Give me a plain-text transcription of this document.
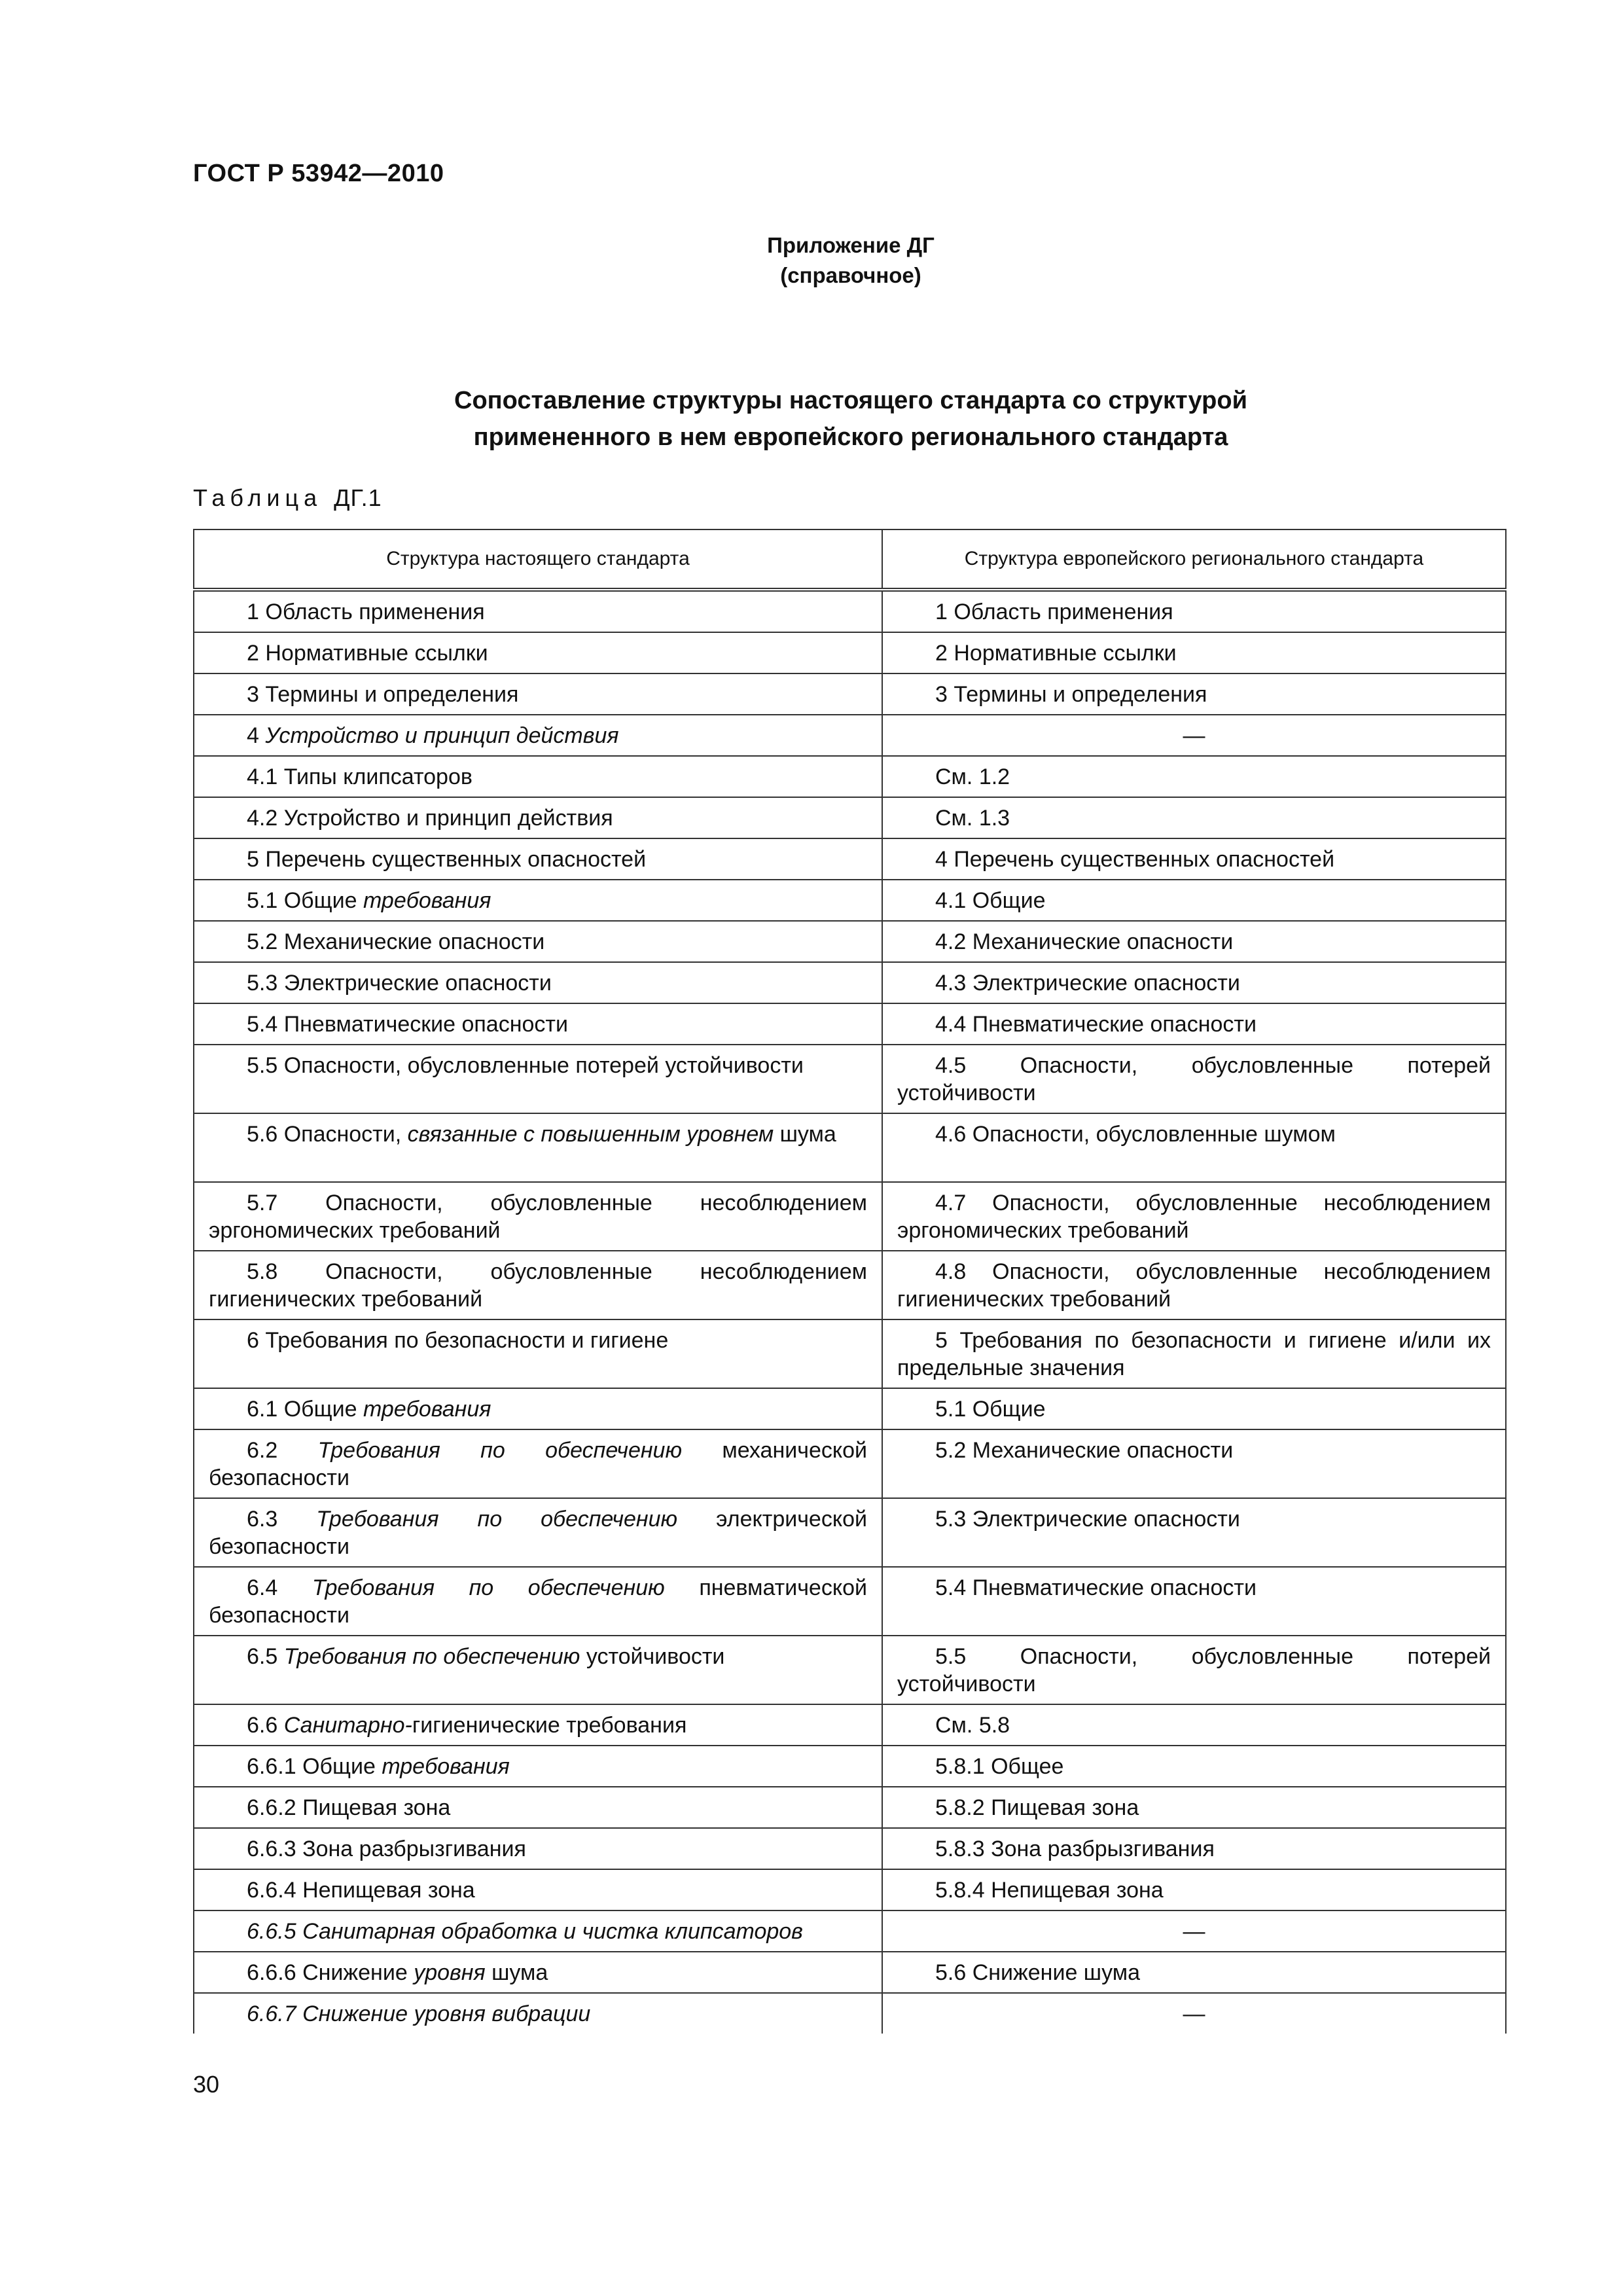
ГОСТ Р 53942—2010
Приложение ДГ
(справочное)
Сопоставление структуры настоящего стандарта со структурой
примененного в нем европейского регионального стандарта
Таблица ДГ.1
Структура настоящего стандарта	Структура европейского регионального стандарта
1 Область применения	1 Область применения
2 Нормативные ссылки	2 Нормативные ссылки
3 Термины и определения	3 Термины и определения
4 Устройство и принцип действия	—
4.1 Типы клипсаторов	См. 1.2
4.2 Устройство и принцип действия	См. 1.3
5 Перечень существенных опасностей	4 Перечень существенных опасностей
5.1 Общие требования	4.1 Общие
5.2 Механические опасности	4.2 Механические опасности
5.3 Электрические опасности	4.3 Электрические опасности
5.4 Пневматические опасности	4.4 Пневматические опасности
5.5 Опасности, обусловленные потерей устойчивости	4.5 Опасности, обусловленные потерей устойчивости
5.6 Опасности, связанные с повышенным уровнем шума	4.6 Опасности, обусловленные шумом
5.7 Опасности, обусловленные несоблюдением эргономических требований	4.7 Опасности, обусловленные несоблюдением эргономических требований
5.8 Опасности, обусловленные несоблюдением гигиенических требований	4.8 Опасности, обусловленные несоблюдением гигиенических требований
6 Требования по безопасности и гигиене	5 Требования по безопасности и гигиене и/или их предельные значения
6.1 Общие требования	5.1 Общие
6.2 Требования по обеспечению механической безопасности	5.2 Механические опасности
6.3 Требования по обеспечению электрической безопасности	5.3 Электрические опасности
6.4 Требования по обеспечению пневматической безопасности	5.4 Пневматические опасности
6.5 Требования по обеспечению устойчивости	5.5 Опасности, обусловленные потерей устойчивости
6.6 Санитарно-гигиенические требования	См. 5.8
6.6.1 Общие требования	5.8.1 Общее
6.6.2 Пищевая зона	5.8.2 Пищевая зона
6.6.3 Зона разбрызгивания	5.8.3 Зона разбрызгивания
6.6.4 Непищевая зона	5.8.4 Непищевая зона
6.6.5 Санитарная обработка и чистка клипсаторов	—
6.6.6 Снижение уровня шума	5.6 Снижение шума
6.6.7 Снижение уровня вибрации	—
30
